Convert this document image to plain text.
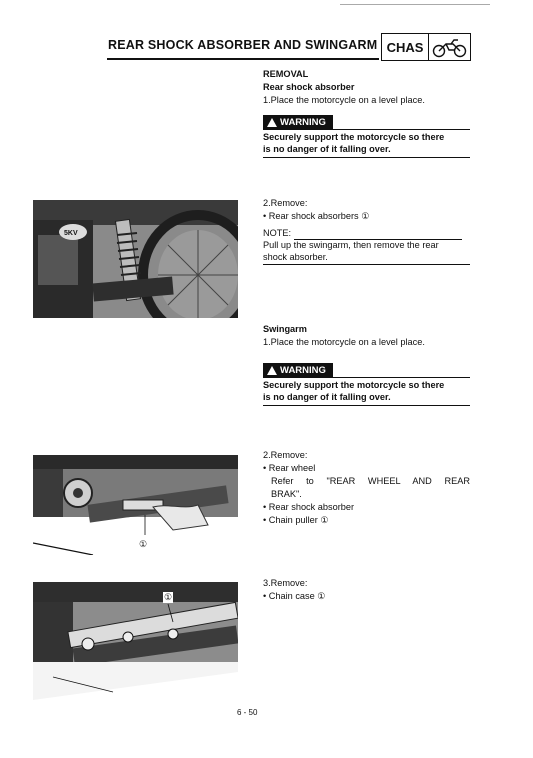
REAR SHOCK ABSORBER AND SWINGARM CHAS
REMOVAL
Rear shock absorber
1.Place the motorcycle on a level place.
WARNING
Securely support the motorcycle so there
is no danger of it falling over.
5KV
2.Remove:
• Rear shock absorbers ①
NOTE:
Pull up the swingarm, then remove the rear
shock absorber.
Swingarm
1.Place the motorcycle on a level place.
WARNING
Securely support the motorcycle so there
is no danger of it falling over.
①
2.Remove:
• Rear wheel
Refer to "REAR WHEEL AND REAR
BRAK".
• Rear shock absorber
• Chain puller ①
①
3.Remove:
• Chain case ①
6 - 50
